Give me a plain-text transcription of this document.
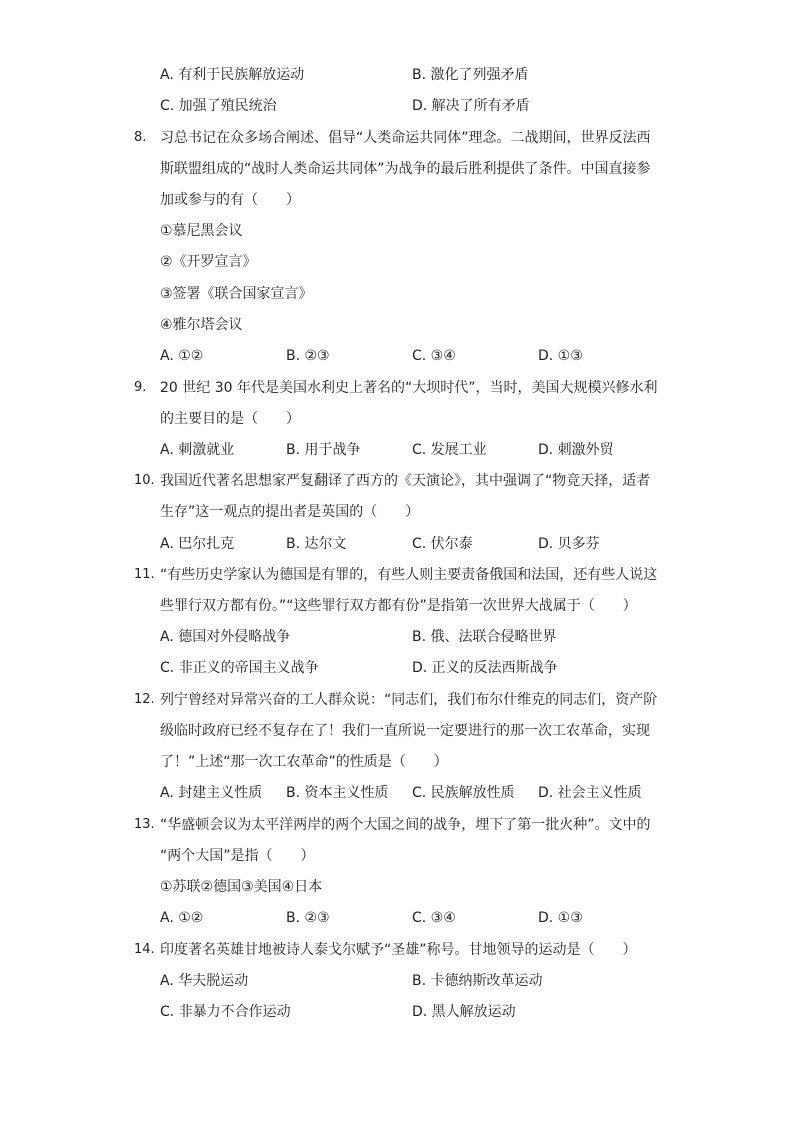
A. 有利于民族解放运动	B. 激化了列强矛盾
C. 加强了殖民统治	D. 解决了所有矛盾
8. 习总书记在众多场合阐述、倡导“人类命运共同体”理念。二战期间，世界反法西
斯联盟组成的“战时人类命运共同体”为战争的最后胜利提供了条件。中国直接参
加或参与的有（　　）
①慕尼黑会议
②《开罗宣言》
③签署《联合国家宣言》
④雅尔塔会议
A. ①②	B. ②③	C. ③④	D. ①③
9. 20 世纪 30 年代是美国水利史上著名的“大坝时代”，当时，美国大规模兴修水利
的主要目的是（　　）
A. 刺激就业	B. 用于战争	C. 发展工业	D. 刺激外贸
10. 我国近代著名思想家严复翻译了西方的《天演论》，其中强调了“物竞天择，适者
生存”这一观点的提出者是英国的（　　）
A. 巴尔扎克	B. 达尔文	C. 伏尔泰	D. 贝多芬
11. “有些历史学家认为德国是有罪的，有些人则主要责备俄国和法国，还有些人说这
些罪行双方都有份。”“这些罪行双方都有份”是指第一次世界大战属于（　　）
A. 德国对外侵略战争	B. 俄、法联合侵略世界
C. 非正义的帝国主义战争	D. 正义的反法西斯战争
12. 列宁曾经对异常兴奋的工人群众说：“同志们，我们布尔什维克的同志们，资产阶
级临时政府已经不复存在了！我们一直所说一定要进行的那一次工农革命，实现
了！”上述“那一次工农革命”的性质是（　　）
A. 封建主义性质 B. 资本主义性质 C. 民族解放性质 D. 社会主义性质
13. “华盛顿会议为太平洋两岸的两个大国之间的战争，埋下了第一批火种”。文中的
“两个大国”是指（　　）
①苏联②德国③美国④日本
A. ①②	B. ②③	C. ③④	D. ①③
14. 印度著名英雄甘地被诗人泰戈尔赋予“圣雄”称号。甘地领导的运动是（　　）
A. 华夫脱运动	B. 卡德纳斯改革运动
C. 非暴力不合作运动	D. 黑人解放运动
